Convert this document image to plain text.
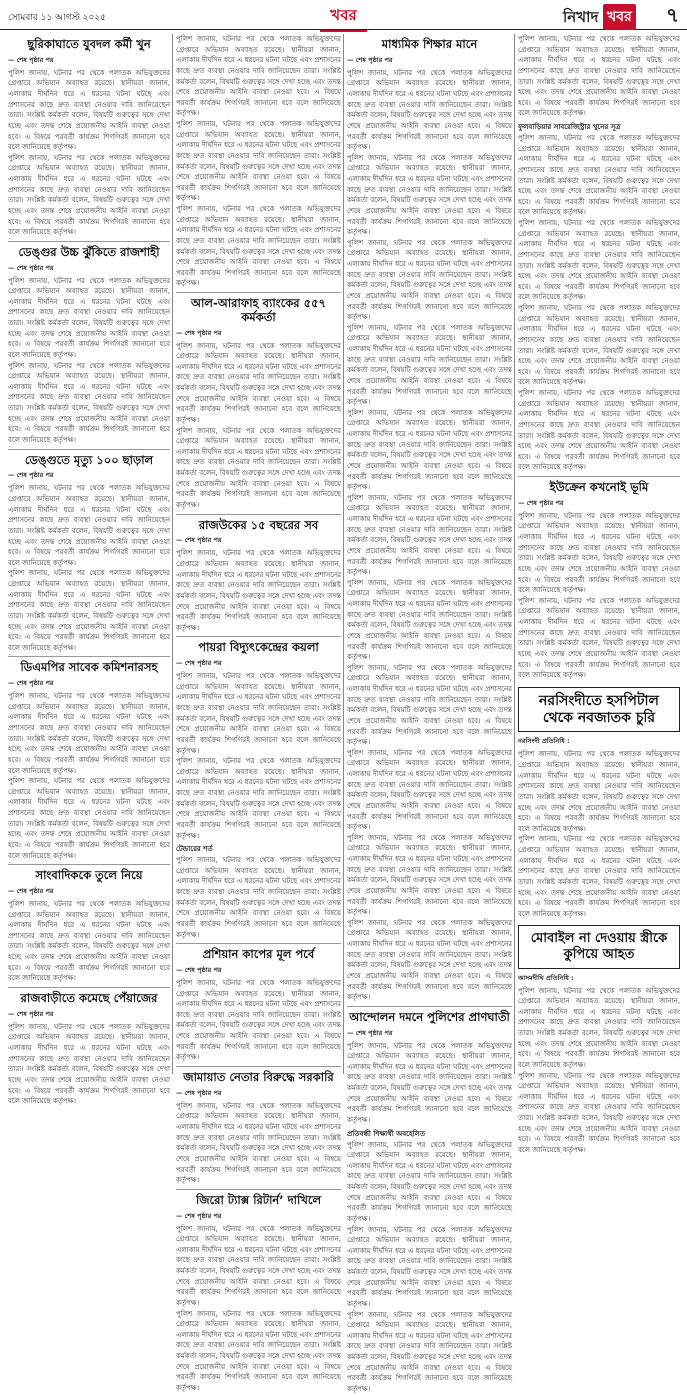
সোমবার ১১ আগস্ট ২০২৫	খবর	নিখাদ খবর ৭
ছুরিকাঘাতে যুবদল কর্মী খুন
— শেষ পৃষ্ঠার পর
পুলিশ জানায়, ঘটনার পর থেকে পলাতক অভিযুক্তদের গ্রেপ্তারে অভিযান অব্যাহত রয়েছে। স্থানীয়রা জানান, এলাকায় দীর্ঘদিন ধরে এ ধরনের ঘটনা ঘটছে এবং প্রশাসনের কাছে দ্রুত ব্যবস্থা নেওয়ার দাবি জানিয়েছেন তারা। সংশ্লিষ্ট কর্মকর্তা বলেন, বিষয়টি গুরুত্বের সঙ্গে দেখা হচ্ছে এবং তদন্ত শেষে প্রয়োজনীয় আইনি ব্যবস্থা নেওয়া হবে। এ বিষয়ে পরবর্তী কার্যক্রম শিগগিরই জানানো হবে বলে জানিয়েছে কর্তৃপক্ষ।
পুলিশ জানায়, ঘটনার পর থেকে পলাতক অভিযুক্তদের গ্রেপ্তারে অভিযান অব্যাহত রয়েছে। স্থানীয়রা জানান, এলাকায় দীর্ঘদিন ধরে এ ধরনের ঘটনা ঘটছে এবং প্রশাসনের কাছে দ্রুত ব্যবস্থা নেওয়ার দাবি জানিয়েছেন তারা। সংশ্লিষ্ট কর্মকর্তা বলেন, বিষয়টি গুরুত্বের সঙ্গে দেখা হচ্ছে এবং তদন্ত শেষে প্রয়োজনীয় আইনি ব্যবস্থা নেওয়া হবে। এ বিষয়ে পরবর্তী কার্যক্রম শিগগিরই জানানো হবে বলে জানিয়েছে কর্তৃপক্ষ।
ডেঙ্গুর উচ্চ ঝুঁকিতে রাজশাহী
— শেষ পৃষ্ঠার পর
পুলিশ জানায়, ঘটনার পর থেকে পলাতক অভিযুক্তদের গ্রেপ্তারে অভিযান অব্যাহত রয়েছে। স্থানীয়রা জানান, এলাকায় দীর্ঘদিন ধরে এ ধরনের ঘটনা ঘটছে এবং প্রশাসনের কাছে দ্রুত ব্যবস্থা নেওয়ার দাবি জানিয়েছেন তারা। সংশ্লিষ্ট কর্মকর্তা বলেন, বিষয়টি গুরুত্বের সঙ্গে দেখা হচ্ছে এবং তদন্ত শেষে প্রয়োজনীয় আইনি ব্যবস্থা নেওয়া হবে। এ বিষয়ে পরবর্তী কার্যক্রম শিগগিরই জানানো হবে বলে জানিয়েছে কর্তৃপক্ষ।
পুলিশ জানায়, ঘটনার পর থেকে পলাতক অভিযুক্তদের গ্রেপ্তারে অভিযান অব্যাহত রয়েছে। স্থানীয়রা জানান, এলাকায় দীর্ঘদিন ধরে এ ধরনের ঘটনা ঘটছে এবং প্রশাসনের কাছে দ্রুত ব্যবস্থা নেওয়ার দাবি জানিয়েছেন তারা। সংশ্লিষ্ট কর্মকর্তা বলেন, বিষয়টি গুরুত্বের সঙ্গে দেখা হচ্ছে এবং তদন্ত শেষে প্রয়োজনীয় আইনি ব্যবস্থা নেওয়া হবে। এ বিষয়ে পরবর্তী কার্যক্রম শিগগিরই জানানো হবে বলে জানিয়েছে কর্তৃপক্ষ।
ডেঙ্গুতে মৃত্যু ১০০ ছাড়াল
— শেষ পৃষ্ঠার পর
পুলিশ জানায়, ঘটনার পর থেকে পলাতক অভিযুক্তদের গ্রেপ্তারে অভিযান অব্যাহত রয়েছে। স্থানীয়রা জানান, এলাকায় দীর্ঘদিন ধরে এ ধরনের ঘটনা ঘটছে এবং প্রশাসনের কাছে দ্রুত ব্যবস্থা নেওয়ার দাবি জানিয়েছেন তারা। সংশ্লিষ্ট কর্মকর্তা বলেন, বিষয়টি গুরুত্বের সঙ্গে দেখা হচ্ছে এবং তদন্ত শেষে প্রয়োজনীয় আইনি ব্যবস্থা নেওয়া হবে। এ বিষয়ে পরবর্তী কার্যক্রম শিগগিরই জানানো হবে বলে জানিয়েছে কর্তৃপক্ষ।
পুলিশ জানায়, ঘটনার পর থেকে পলাতক অভিযুক্তদের গ্রেপ্তারে অভিযান অব্যাহত রয়েছে। স্থানীয়রা জানান, এলাকায় দীর্ঘদিন ধরে এ ধরনের ঘটনা ঘটছে এবং প্রশাসনের কাছে দ্রুত ব্যবস্থা নেওয়ার দাবি জানিয়েছেন তারা। সংশ্লিষ্ট কর্মকর্তা বলেন, বিষয়টি গুরুত্বের সঙ্গে দেখা হচ্ছে এবং তদন্ত শেষে প্রয়োজনীয় আইনি ব্যবস্থা নেওয়া হবে। এ বিষয়ে পরবর্তী কার্যক্রম শিগগিরই জানানো হবে বলে জানিয়েছে কর্তৃপক্ষ।
ডিএমপির সাবেক কমিশনারসহ
— শেষ পৃষ্ঠার পর
পুলিশ জানায়, ঘটনার পর থেকে পলাতক অভিযুক্তদের গ্রেপ্তারে অভিযান অব্যাহত রয়েছে। স্থানীয়রা জানান, এলাকায় দীর্ঘদিন ধরে এ ধরনের ঘটনা ঘটছে এবং প্রশাসনের কাছে দ্রুত ব্যবস্থা নেওয়ার দাবি জানিয়েছেন তারা। সংশ্লিষ্ট কর্মকর্তা বলেন, বিষয়টি গুরুত্বের সঙ্গে দেখা হচ্ছে এবং তদন্ত শেষে প্রয়োজনীয় আইনি ব্যবস্থা নেওয়া হবে। এ বিষয়ে পরবর্তী কার্যক্রম শিগগিরই জানানো হবে বলে জানিয়েছে কর্তৃপক্ষ।
পুলিশ জানায়, ঘটনার পর থেকে পলাতক অভিযুক্তদের গ্রেপ্তারে অভিযান অব্যাহত রয়েছে। স্থানীয়রা জানান, এলাকায় দীর্ঘদিন ধরে এ ধরনের ঘটনা ঘটছে এবং প্রশাসনের কাছে দ্রুত ব্যবস্থা নেওয়ার দাবি জানিয়েছেন তারা। সংশ্লিষ্ট কর্মকর্তা বলেন, বিষয়টি গুরুত্বের সঙ্গে দেখা হচ্ছে এবং তদন্ত শেষে প্রয়োজনীয় আইনি ব্যবস্থা নেওয়া হবে। এ বিষয়ে পরবর্তী কার্যক্রম শিগগিরই জানানো হবে বলে জানিয়েছে কর্তৃপক্ষ।
সাংবাদিককে তুলে নিয়ে
— শেষ পৃষ্ঠার পর
পুলিশ জানায়, ঘটনার পর থেকে পলাতক অভিযুক্তদের গ্রেপ্তারে অভিযান অব্যাহত রয়েছে। স্থানীয়রা জানান, এলাকায় দীর্ঘদিন ধরে এ ধরনের ঘটনা ঘটছে এবং প্রশাসনের কাছে দ্রুত ব্যবস্থা নেওয়ার দাবি জানিয়েছেন তারা। সংশ্লিষ্ট কর্মকর্তা বলেন, বিষয়টি গুরুত্বের সঙ্গে দেখা হচ্ছে এবং তদন্ত শেষে প্রয়োজনীয় আইনি ব্যবস্থা নেওয়া হবে। এ বিষয়ে পরবর্তী কার্যক্রম শিগগিরই জানানো হবে বলে জানিয়েছে কর্তৃপক্ষ।
রাজবাড়ীতে কমেছে পেঁয়াজের
— শেষ পৃষ্ঠার পর
পুলিশ জানায়, ঘটনার পর থেকে পলাতক অভিযুক্তদের গ্রেপ্তারে অভিযান অব্যাহত রয়েছে। স্থানীয়রা জানান, এলাকায় দীর্ঘদিন ধরে এ ধরনের ঘটনা ঘটছে এবং প্রশাসনের কাছে দ্রুত ব্যবস্থা নেওয়ার দাবি জানিয়েছেন তারা। সংশ্লিষ্ট কর্মকর্তা বলেন, বিষয়টি গুরুত্বের সঙ্গে দেখা হচ্ছে এবং তদন্ত শেষে প্রয়োজনীয় আইনি ব্যবস্থা নেওয়া হবে। এ বিষয়ে পরবর্তী কার্যক্রম শিগগিরই জানানো হবে বলে জানিয়েছে কর্তৃপক্ষ।
পুলিশ জানায়, ঘটনার পর থেকে পলাতক অভিযুক্তদের গ্রেপ্তারে অভিযান অব্যাহত রয়েছে। স্থানীয়রা জানান, এলাকায় দীর্ঘদিন ধরে এ ধরনের ঘটনা ঘটছে এবং প্রশাসনের কাছে দ্রুত ব্যবস্থা নেওয়ার দাবি জানিয়েছেন তারা। সংশ্লিষ্ট কর্মকর্তা বলেন, বিষয়টি গুরুত্বের সঙ্গে দেখা হচ্ছে এবং তদন্ত শেষে প্রয়োজনীয় আইনি ব্যবস্থা নেওয়া হবে। এ বিষয়ে পরবর্তী কার্যক্রম শিগগিরই জানানো হবে বলে জানিয়েছে কর্তৃপক্ষ।
পুলিশ জানায়, ঘটনার পর থেকে পলাতক অভিযুক্তদের গ্রেপ্তারে অভিযান অব্যাহত রয়েছে। স্থানীয়রা জানান, এলাকায় দীর্ঘদিন ধরে এ ধরনের ঘটনা ঘটছে এবং প্রশাসনের কাছে দ্রুত ব্যবস্থা নেওয়ার দাবি জানিয়েছেন তারা। সংশ্লিষ্ট কর্মকর্তা বলেন, বিষয়টি গুরুত্বের সঙ্গে দেখা হচ্ছে এবং তদন্ত শেষে প্রয়োজনীয় আইনি ব্যবস্থা নেওয়া হবে। এ বিষয়ে পরবর্তী কার্যক্রম শিগগিরই জানানো হবে বলে জানিয়েছে কর্তৃপক্ষ।
পুলিশ জানায়, ঘটনার পর থেকে পলাতক অভিযুক্তদের গ্রেপ্তারে অভিযান অব্যাহত রয়েছে। স্থানীয়রা জানান, এলাকায় দীর্ঘদিন ধরে এ ধরনের ঘটনা ঘটছে এবং প্রশাসনের কাছে দ্রুত ব্যবস্থা নেওয়ার দাবি জানিয়েছেন তারা। সংশ্লিষ্ট কর্মকর্তা বলেন, বিষয়টি গুরুত্বের সঙ্গে দেখা হচ্ছে এবং তদন্ত শেষে প্রয়োজনীয় আইনি ব্যবস্থা নেওয়া হবে। এ বিষয়ে পরবর্তী কার্যক্রম শিগগিরই জানানো হবে বলে জানিয়েছে কর্তৃপক্ষ।
আল-আরাফাহ ব্যাংকের ৫৫৭ কর্মকর্তা
— শেষ পৃষ্ঠার পর
পুলিশ জানায়, ঘটনার পর থেকে পলাতক অভিযুক্তদের গ্রেপ্তারে অভিযান অব্যাহত রয়েছে। স্থানীয়রা জানান, এলাকায় দীর্ঘদিন ধরে এ ধরনের ঘটনা ঘটছে এবং প্রশাসনের কাছে দ্রুত ব্যবস্থা নেওয়ার দাবি জানিয়েছেন তারা। সংশ্লিষ্ট কর্মকর্তা বলেন, বিষয়টি গুরুত্বের সঙ্গে দেখা হচ্ছে এবং তদন্ত শেষে প্রয়োজনীয় আইনি ব্যবস্থা নেওয়া হবে। এ বিষয়ে পরবর্তী কার্যক্রম শিগগিরই জানানো হবে বলে জানিয়েছে কর্তৃপক্ষ।
পুলিশ জানায়, ঘটনার পর থেকে পলাতক অভিযুক্তদের গ্রেপ্তারে অভিযান অব্যাহত রয়েছে। স্থানীয়রা জানান, এলাকায় দীর্ঘদিন ধরে এ ধরনের ঘটনা ঘটছে এবং প্রশাসনের কাছে দ্রুত ব্যবস্থা নেওয়ার দাবি জানিয়েছেন তারা। সংশ্লিষ্ট কর্মকর্তা বলেন, বিষয়টি গুরুত্বের সঙ্গে দেখা হচ্ছে এবং তদন্ত শেষে প্রয়োজনীয় আইনি ব্যবস্থা নেওয়া হবে। এ বিষয়ে পরবর্তী কার্যক্রম শিগগিরই জানানো হবে বলে জানিয়েছে কর্তৃপক্ষ।
রাজউকের ১৫ বছরের সব
— শেষ পৃষ্ঠার পর
পুলিশ জানায়, ঘটনার পর থেকে পলাতক অভিযুক্তদের গ্রেপ্তারে অভিযান অব্যাহত রয়েছে। স্থানীয়রা জানান, এলাকায় দীর্ঘদিন ধরে এ ধরনের ঘটনা ঘটছে এবং প্রশাসনের কাছে দ্রুত ব্যবস্থা নেওয়ার দাবি জানিয়েছেন তারা। সংশ্লিষ্ট কর্মকর্তা বলেন, বিষয়টি গুরুত্বের সঙ্গে দেখা হচ্ছে এবং তদন্ত শেষে প্রয়োজনীয় আইনি ব্যবস্থা নেওয়া হবে। এ বিষয়ে পরবর্তী কার্যক্রম শিগগিরই জানানো হবে বলে জানিয়েছে কর্তৃপক্ষ।
পায়রা বিদ্যুৎকেন্দ্রের কয়লা
— শেষ পৃষ্ঠার পর
পুলিশ জানায়, ঘটনার পর থেকে পলাতক অভিযুক্তদের গ্রেপ্তারে অভিযান অব্যাহত রয়েছে। স্থানীয়রা জানান, এলাকায় দীর্ঘদিন ধরে এ ধরনের ঘটনা ঘটছে এবং প্রশাসনের কাছে দ্রুত ব্যবস্থা নেওয়ার দাবি জানিয়েছেন তারা। সংশ্লিষ্ট কর্মকর্তা বলেন, বিষয়টি গুরুত্বের সঙ্গে দেখা হচ্ছে এবং তদন্ত শেষে প্রয়োজনীয় আইনি ব্যবস্থা নেওয়া হবে। এ বিষয়ে পরবর্তী কার্যক্রম শিগগিরই জানানো হবে বলে জানিয়েছে কর্তৃপক্ষ।
পুলিশ জানায়, ঘটনার পর থেকে পলাতক অভিযুক্তদের গ্রেপ্তারে অভিযান অব্যাহত রয়েছে। স্থানীয়রা জানান, এলাকায় দীর্ঘদিন ধরে এ ধরনের ঘটনা ঘটছে এবং প্রশাসনের কাছে দ্রুত ব্যবস্থা নেওয়ার দাবি জানিয়েছেন তারা। সংশ্লিষ্ট কর্মকর্তা বলেন, বিষয়টি গুরুত্বের সঙ্গে দেখা হচ্ছে এবং তদন্ত শেষে প্রয়োজনীয় আইনি ব্যবস্থা নেওয়া হবে। এ বিষয়ে পরবর্তী কার্যক্রম শিগগিরই জানানো হবে বলে জানিয়েছে কর্তৃপক্ষ।
টেন্ডারের শর্ত
পুলিশ জানায়, ঘটনার পর থেকে পলাতক অভিযুক্তদের গ্রেপ্তারে অভিযান অব্যাহত রয়েছে। স্থানীয়রা জানান, এলাকায় দীর্ঘদিন ধরে এ ধরনের ঘটনা ঘটছে এবং প্রশাসনের কাছে দ্রুত ব্যবস্থা নেওয়ার দাবি জানিয়েছেন তারা। সংশ্লিষ্ট কর্মকর্তা বলেন, বিষয়টি গুরুত্বের সঙ্গে দেখা হচ্ছে এবং তদন্ত শেষে প্রয়োজনীয় আইনি ব্যবস্থা নেওয়া হবে। এ বিষয়ে পরবর্তী কার্যক্রম শিগগিরই জানানো হবে বলে জানিয়েছে কর্তৃপক্ষ।
প্রশিয়ান কাপের মূল পর্বে
— শেষ পৃষ্ঠার পর
পুলিশ জানায়, ঘটনার পর থেকে পলাতক অভিযুক্তদের গ্রেপ্তারে অভিযান অব্যাহত রয়েছে। স্থানীয়রা জানান, এলাকায় দীর্ঘদিন ধরে এ ধরনের ঘটনা ঘটছে এবং প্রশাসনের কাছে দ্রুত ব্যবস্থা নেওয়ার দাবি জানিয়েছেন তারা। সংশ্লিষ্ট কর্মকর্তা বলেন, বিষয়টি গুরুত্বের সঙ্গে দেখা হচ্ছে এবং তদন্ত শেষে প্রয়োজনীয় আইনি ব্যবস্থা নেওয়া হবে। এ বিষয়ে পরবর্তী কার্যক্রম শিগগিরই জানানো হবে বলে জানিয়েছে কর্তৃপক্ষ।
জামায়াত নেতার বিরুদ্ধে সরকারি
— শেষ পৃষ্ঠার পর
পুলিশ জানায়, ঘটনার পর থেকে পলাতক অভিযুক্তদের গ্রেপ্তারে অভিযান অব্যাহত রয়েছে। স্থানীয়রা জানান, এলাকায় দীর্ঘদিন ধরে এ ধরনের ঘটনা ঘটছে এবং প্রশাসনের কাছে দ্রুত ব্যবস্থা নেওয়ার দাবি জানিয়েছেন তারা। সংশ্লিষ্ট কর্মকর্তা বলেন, বিষয়টি গুরুত্বের সঙ্গে দেখা হচ্ছে এবং তদন্ত শেষে প্রয়োজনীয় আইনি ব্যবস্থা নেওয়া হবে। এ বিষয়ে পরবর্তী কার্যক্রম শিগগিরই জানানো হবে বলে জানিয়েছে কর্তৃপক্ষ।
জিরো ট্যাক্স রিটার্ন’ দাখিলে
— শেষ পৃষ্ঠার পর
পুলিশ জানায়, ঘটনার পর থেকে পলাতক অভিযুক্তদের গ্রেপ্তারে অভিযান অব্যাহত রয়েছে। স্থানীয়রা জানান, এলাকায় দীর্ঘদিন ধরে এ ধরনের ঘটনা ঘটছে এবং প্রশাসনের কাছে দ্রুত ব্যবস্থা নেওয়ার দাবি জানিয়েছেন তারা। সংশ্লিষ্ট কর্মকর্তা বলেন, বিষয়টি গুরুত্বের সঙ্গে দেখা হচ্ছে এবং তদন্ত শেষে প্রয়োজনীয় আইনি ব্যবস্থা নেওয়া হবে। এ বিষয়ে পরবর্তী কার্যক্রম শিগগিরই জানানো হবে বলে জানিয়েছে কর্তৃপক্ষ।
পুলিশ জানায়, ঘটনার পর থেকে পলাতক অভিযুক্তদের গ্রেপ্তারে অভিযান অব্যাহত রয়েছে। স্থানীয়রা জানান, এলাকায় দীর্ঘদিন ধরে এ ধরনের ঘটনা ঘটছে এবং প্রশাসনের কাছে দ্রুত ব্যবস্থা নেওয়ার দাবি জানিয়েছেন তারা। সংশ্লিষ্ট কর্মকর্তা বলেন, বিষয়টি গুরুত্বের সঙ্গে দেখা হচ্ছে এবং তদন্ত শেষে প্রয়োজনীয় আইনি ব্যবস্থা নেওয়া হবে। এ বিষয়ে পরবর্তী কার্যক্রম শিগগিরই জানানো হবে বলে জানিয়েছে কর্তৃপক্ষ।
মাধ্যমিক শিক্ষার মানে
— শেষ পৃষ্ঠার পর
পুলিশ জানায়, ঘটনার পর থেকে পলাতক অভিযুক্তদের গ্রেপ্তারে অভিযান অব্যাহত রয়েছে। স্থানীয়রা জানান, এলাকায় দীর্ঘদিন ধরে এ ধরনের ঘটনা ঘটছে এবং প্রশাসনের কাছে দ্রুত ব্যবস্থা নেওয়ার দাবি জানিয়েছেন তারা। সংশ্লিষ্ট কর্মকর্তা বলেন, বিষয়টি গুরুত্বের সঙ্গে দেখা হচ্ছে এবং তদন্ত শেষে প্রয়োজনীয় আইনি ব্যবস্থা নেওয়া হবে। এ বিষয়ে পরবর্তী কার্যক্রম শিগগিরই জানানো হবে বলে জানিয়েছে কর্তৃপক্ষ।
পুলিশ জানায়, ঘটনার পর থেকে পলাতক অভিযুক্তদের গ্রেপ্তারে অভিযান অব্যাহত রয়েছে। স্থানীয়রা জানান, এলাকায় দীর্ঘদিন ধরে এ ধরনের ঘটনা ঘটছে এবং প্রশাসনের কাছে দ্রুত ব্যবস্থা নেওয়ার দাবি জানিয়েছেন তারা। সংশ্লিষ্ট কর্মকর্তা বলেন, বিষয়টি গুরুত্বের সঙ্গে দেখা হচ্ছে এবং তদন্ত শেষে প্রয়োজনীয় আইনি ব্যবস্থা নেওয়া হবে। এ বিষয়ে পরবর্তী কার্যক্রম শিগগিরই জানানো হবে বলে জানিয়েছে কর্তৃপক্ষ।
পুলিশ জানায়, ঘটনার পর থেকে পলাতক অভিযুক্তদের গ্রেপ্তারে অভিযান অব্যাহত রয়েছে। স্থানীয়রা জানান, এলাকায় দীর্ঘদিন ধরে এ ধরনের ঘটনা ঘটছে এবং প্রশাসনের কাছে দ্রুত ব্যবস্থা নেওয়ার দাবি জানিয়েছেন তারা। সংশ্লিষ্ট কর্মকর্তা বলেন, বিষয়টি গুরুত্বের সঙ্গে দেখা হচ্ছে এবং তদন্ত শেষে প্রয়োজনীয় আইনি ব্যবস্থা নেওয়া হবে। এ বিষয়ে পরবর্তী কার্যক্রম শিগগিরই জানানো হবে বলে জানিয়েছে কর্তৃপক্ষ।
পুলিশ জানায়, ঘটনার পর থেকে পলাতক অভিযুক্তদের গ্রেপ্তারে অভিযান অব্যাহত রয়েছে। স্থানীয়রা জানান, এলাকায় দীর্ঘদিন ধরে এ ধরনের ঘটনা ঘটছে এবং প্রশাসনের কাছে দ্রুত ব্যবস্থা নেওয়ার দাবি জানিয়েছেন তারা। সংশ্লিষ্ট কর্মকর্তা বলেন, বিষয়টি গুরুত্বের সঙ্গে দেখা হচ্ছে এবং তদন্ত শেষে প্রয়োজনীয় আইনি ব্যবস্থা নেওয়া হবে। এ বিষয়ে পরবর্তী কার্যক্রম শিগগিরই জানানো হবে বলে জানিয়েছে কর্তৃপক্ষ।
পুলিশ জানায়, ঘটনার পর থেকে পলাতক অভিযুক্তদের গ্রেপ্তারে অভিযান অব্যাহত রয়েছে। স্থানীয়রা জানান, এলাকায় দীর্ঘদিন ধরে এ ধরনের ঘটনা ঘটছে এবং প্রশাসনের কাছে দ্রুত ব্যবস্থা নেওয়ার দাবি জানিয়েছেন তারা। সংশ্লিষ্ট কর্মকর্তা বলেন, বিষয়টি গুরুত্বের সঙ্গে দেখা হচ্ছে এবং তদন্ত শেষে প্রয়োজনীয় আইনি ব্যবস্থা নেওয়া হবে। এ বিষয়ে পরবর্তী কার্যক্রম শিগগিরই জানানো হবে বলে জানিয়েছে কর্তৃপক্ষ।
পুলিশ জানায়, ঘটনার পর থেকে পলাতক অভিযুক্তদের গ্রেপ্তারে অভিযান অব্যাহত রয়েছে। স্থানীয়রা জানান, এলাকায় দীর্ঘদিন ধরে এ ধরনের ঘটনা ঘটছে এবং প্রশাসনের কাছে দ্রুত ব্যবস্থা নেওয়ার দাবি জানিয়েছেন তারা। সংশ্লিষ্ট কর্মকর্তা বলেন, বিষয়টি গুরুত্বের সঙ্গে দেখা হচ্ছে এবং তদন্ত শেষে প্রয়োজনীয় আইনি ব্যবস্থা নেওয়া হবে। এ বিষয়ে পরবর্তী কার্যক্রম শিগগিরই জানানো হবে বলে জানিয়েছে কর্তৃপক্ষ।
পুলিশ জানায়, ঘটনার পর থেকে পলাতক অভিযুক্তদের গ্রেপ্তারে অভিযান অব্যাহত রয়েছে। স্থানীয়রা জানান, এলাকায় দীর্ঘদিন ধরে এ ধরনের ঘটনা ঘটছে এবং প্রশাসনের কাছে দ্রুত ব্যবস্থা নেওয়ার দাবি জানিয়েছেন তারা। সংশ্লিষ্ট কর্মকর্তা বলেন, বিষয়টি গুরুত্বের সঙ্গে দেখা হচ্ছে এবং তদন্ত শেষে প্রয়োজনীয় আইনি ব্যবস্থা নেওয়া হবে। এ বিষয়ে পরবর্তী কার্যক্রম শিগগিরই জানানো হবে বলে জানিয়েছে কর্তৃপক্ষ।
পুলিশ জানায়, ঘটনার পর থেকে পলাতক অভিযুক্তদের গ্রেপ্তারে অভিযান অব্যাহত রয়েছে। স্থানীয়রা জানান, এলাকায় দীর্ঘদিন ধরে এ ধরনের ঘটনা ঘটছে এবং প্রশাসনের কাছে দ্রুত ব্যবস্থা নেওয়ার দাবি জানিয়েছেন তারা। সংশ্লিষ্ট কর্মকর্তা বলেন, বিষয়টি গুরুত্বের সঙ্গে দেখা হচ্ছে এবং তদন্ত শেষে প্রয়োজনীয় আইনি ব্যবস্থা নেওয়া হবে। এ বিষয়ে পরবর্তী কার্যক্রম শিগগিরই জানানো হবে বলে জানিয়েছে কর্তৃপক্ষ।
পুলিশ জানায়, ঘটনার পর থেকে পলাতক অভিযুক্তদের গ্রেপ্তারে অভিযান অব্যাহত রয়েছে। স্থানীয়রা জানান, এলাকায় দীর্ঘদিন ধরে এ ধরনের ঘটনা ঘটছে এবং প্রশাসনের কাছে দ্রুত ব্যবস্থা নেওয়ার দাবি জানিয়েছেন তারা। সংশ্লিষ্ট কর্মকর্তা বলেন, বিষয়টি গুরুত্বের সঙ্গে দেখা হচ্ছে এবং তদন্ত শেষে প্রয়োজনীয় আইনি ব্যবস্থা নেওয়া হবে। এ বিষয়ে পরবর্তী কার্যক্রম শিগগিরই জানানো হবে বলে জানিয়েছে কর্তৃপক্ষ।
পুলিশ জানায়, ঘটনার পর থেকে পলাতক অভিযুক্তদের গ্রেপ্তারে অভিযান অব্যাহত রয়েছে। স্থানীয়রা জানান, এলাকায় দীর্ঘদিন ধরে এ ধরনের ঘটনা ঘটছে এবং প্রশাসনের কাছে দ্রুত ব্যবস্থা নেওয়ার দাবি জানিয়েছেন তারা। সংশ্লিষ্ট কর্মকর্তা বলেন, বিষয়টি গুরুত্বের সঙ্গে দেখা হচ্ছে এবং তদন্ত শেষে প্রয়োজনীয় আইনি ব্যবস্থা নেওয়া হবে। এ বিষয়ে পরবর্তী কার্যক্রম শিগগিরই জানানো হবে বলে জানিয়েছে কর্তৃপক্ষ।
পুলিশ জানায়, ঘটনার পর থেকে পলাতক অভিযুক্তদের গ্রেপ্তারে অভিযান অব্যাহত রয়েছে। স্থানীয়রা জানান, এলাকায় দীর্ঘদিন ধরে এ ধরনের ঘটনা ঘটছে এবং প্রশাসনের কাছে দ্রুত ব্যবস্থা নেওয়ার দাবি জানিয়েছেন তারা। সংশ্লিষ্ট কর্মকর্তা বলেন, বিষয়টি গুরুত্বের সঙ্গে দেখা হচ্ছে এবং তদন্ত শেষে প্রয়োজনীয় আইনি ব্যবস্থা নেওয়া হবে। এ বিষয়ে পরবর্তী কার্যক্রম শিগগিরই জানানো হবে বলে জানিয়েছে কর্তৃপক্ষ।
আন্দোলন দমনে পুলিশের প্রাণঘাতী
— শেষ পৃষ্ঠার পর
পুলিশ জানায়, ঘটনার পর থেকে পলাতক অভিযুক্তদের গ্রেপ্তারে অভিযান অব্যাহত রয়েছে। স্থানীয়রা জানান, এলাকায় দীর্ঘদিন ধরে এ ধরনের ঘটনা ঘটছে এবং প্রশাসনের কাছে দ্রুত ব্যবস্থা নেওয়ার দাবি জানিয়েছেন তারা। সংশ্লিষ্ট কর্মকর্তা বলেন, বিষয়টি গুরুত্বের সঙ্গে দেখা হচ্ছে এবং তদন্ত শেষে প্রয়োজনীয় আইনি ব্যবস্থা নেওয়া হবে। এ বিষয়ে পরবর্তী কার্যক্রম শিগগিরই জানানো হবে বলে জানিয়েছে কর্তৃপক্ষ।
প্রতিবন্ধী শিক্ষার্থী অবহেলিত
পুলিশ জানায়, ঘটনার পর থেকে পলাতক অভিযুক্তদের গ্রেপ্তারে অভিযান অব্যাহত রয়েছে। স্থানীয়রা জানান, এলাকায় দীর্ঘদিন ধরে এ ধরনের ঘটনা ঘটছে এবং প্রশাসনের কাছে দ্রুত ব্যবস্থা নেওয়ার দাবি জানিয়েছেন তারা। সংশ্লিষ্ট কর্মকর্তা বলেন, বিষয়টি গুরুত্বের সঙ্গে দেখা হচ্ছে এবং তদন্ত শেষে প্রয়োজনীয় আইনি ব্যবস্থা নেওয়া হবে। এ বিষয়ে পরবর্তী কার্যক্রম শিগগিরই জানানো হবে বলে জানিয়েছে কর্তৃপক্ষ।
পুলিশ জানায়, ঘটনার পর থেকে পলাতক অভিযুক্তদের গ্রেপ্তারে অভিযান অব্যাহত রয়েছে। স্থানীয়রা জানান, এলাকায় দীর্ঘদিন ধরে এ ধরনের ঘটনা ঘটছে এবং প্রশাসনের কাছে দ্রুত ব্যবস্থা নেওয়ার দাবি জানিয়েছেন তারা। সংশ্লিষ্ট কর্মকর্তা বলেন, বিষয়টি গুরুত্বের সঙ্গে দেখা হচ্ছে এবং তদন্ত শেষে প্রয়োজনীয় আইনি ব্যবস্থা নেওয়া হবে। এ বিষয়ে পরবর্তী কার্যক্রম শিগগিরই জানানো হবে বলে জানিয়েছে কর্তৃপক্ষ।
পুলিশ জানায়, ঘটনার পর থেকে পলাতক অভিযুক্তদের গ্রেপ্তারে অভিযান অব্যাহত রয়েছে। স্থানীয়রা জানান, এলাকায় দীর্ঘদিন ধরে এ ধরনের ঘটনা ঘটছে এবং প্রশাসনের কাছে দ্রুত ব্যবস্থা নেওয়ার দাবি জানিয়েছেন তারা। সংশ্লিষ্ট কর্মকর্তা বলেন, বিষয়টি গুরুত্বের সঙ্গে দেখা হচ্ছে এবং তদন্ত শেষে প্রয়োজনীয় আইনি ব্যবস্থা নেওয়া হবে। এ বিষয়ে পরবর্তী কার্যক্রম শিগগিরই জানানো হবে বলে জানিয়েছে কর্তৃপক্ষ।
পুলিশ জানায়, ঘটনার পর থেকে পলাতক অভিযুক্তদের গ্রেপ্তারে অভিযান অব্যাহত রয়েছে। স্থানীয়রা জানান, এলাকায় দীর্ঘদিন ধরে এ ধরনের ঘটনা ঘটছে এবং প্রশাসনের কাছে দ্রুত ব্যবস্থা নেওয়ার দাবি জানিয়েছেন তারা। সংশ্লিষ্ট কর্মকর্তা বলেন, বিষয়টি গুরুত্বের সঙ্গে দেখা হচ্ছে এবং তদন্ত শেষে প্রয়োজনীয় আইনি ব্যবস্থা নেওয়া হবে। এ বিষয়ে পরবর্তী কার্যক্রম শিগগিরই জানানো হবে বলে জানিয়েছে কর্তৃপক্ষ।
ফুলবাড়িয়ার সাবরেজিস্ট্রার খুনের সূত্র
পুলিশ জানায়, ঘটনার পর থেকে পলাতক অভিযুক্তদের গ্রেপ্তারে অভিযান অব্যাহত রয়েছে। স্থানীয়রা জানান, এলাকায় দীর্ঘদিন ধরে এ ধরনের ঘটনা ঘটছে এবং প্রশাসনের কাছে দ্রুত ব্যবস্থা নেওয়ার দাবি জানিয়েছেন তারা। সংশ্লিষ্ট কর্মকর্তা বলেন, বিষয়টি গুরুত্বের সঙ্গে দেখা হচ্ছে এবং তদন্ত শেষে প্রয়োজনীয় আইনি ব্যবস্থা নেওয়া হবে। এ বিষয়ে পরবর্তী কার্যক্রম শিগগিরই জানানো হবে বলে জানিয়েছে কর্তৃপক্ষ।
পুলিশ জানায়, ঘটনার পর থেকে পলাতক অভিযুক্তদের গ্রেপ্তারে অভিযান অব্যাহত রয়েছে। স্থানীয়রা জানান, এলাকায় দীর্ঘদিন ধরে এ ধরনের ঘটনা ঘটছে এবং প্রশাসনের কাছে দ্রুত ব্যবস্থা নেওয়ার দাবি জানিয়েছেন তারা। সংশ্লিষ্ট কর্মকর্তা বলেন, বিষয়টি গুরুত্বের সঙ্গে দেখা হচ্ছে এবং তদন্ত শেষে প্রয়োজনীয় আইনি ব্যবস্থা নেওয়া হবে। এ বিষয়ে পরবর্তী কার্যক্রম শিগগিরই জানানো হবে বলে জানিয়েছে কর্তৃপক্ষ।
পুলিশ জানায়, ঘটনার পর থেকে পলাতক অভিযুক্তদের গ্রেপ্তারে অভিযান অব্যাহত রয়েছে। স্থানীয়রা জানান, এলাকায় দীর্ঘদিন ধরে এ ধরনের ঘটনা ঘটছে এবং প্রশাসনের কাছে দ্রুত ব্যবস্থা নেওয়ার দাবি জানিয়েছেন তারা। সংশ্লিষ্ট কর্মকর্তা বলেন, বিষয়টি গুরুত্বের সঙ্গে দেখা হচ্ছে এবং তদন্ত শেষে প্রয়োজনীয় আইনি ব্যবস্থা নেওয়া হবে। এ বিষয়ে পরবর্তী কার্যক্রম শিগগিরই জানানো হবে বলে জানিয়েছে কর্তৃপক্ষ।
পুলিশ জানায়, ঘটনার পর থেকে পলাতক অভিযুক্তদের গ্রেপ্তারে অভিযান অব্যাহত রয়েছে। স্থানীয়রা জানান, এলাকায় দীর্ঘদিন ধরে এ ধরনের ঘটনা ঘটছে এবং প্রশাসনের কাছে দ্রুত ব্যবস্থা নেওয়ার দাবি জানিয়েছেন তারা। সংশ্লিষ্ট কর্মকর্তা বলেন, বিষয়টি গুরুত্বের সঙ্গে দেখা হচ্ছে এবং তদন্ত শেষে প্রয়োজনীয় আইনি ব্যবস্থা নেওয়া হবে। এ বিষয়ে পরবর্তী কার্যক্রম শিগগিরই জানানো হবে বলে জানিয়েছে কর্তৃপক্ষ।
ইউক্রেন কখনোই ভূমি
— শেষ পৃষ্ঠার পর
পুলিশ জানায়, ঘটনার পর থেকে পলাতক অভিযুক্তদের গ্রেপ্তারে অভিযান অব্যাহত রয়েছে। স্থানীয়রা জানান, এলাকায় দীর্ঘদিন ধরে এ ধরনের ঘটনা ঘটছে এবং প্রশাসনের কাছে দ্রুত ব্যবস্থা নেওয়ার দাবি জানিয়েছেন তারা। সংশ্লিষ্ট কর্মকর্তা বলেন, বিষয়টি গুরুত্বের সঙ্গে দেখা হচ্ছে এবং তদন্ত শেষে প্রয়োজনীয় আইনি ব্যবস্থা নেওয়া হবে। এ বিষয়ে পরবর্তী কার্যক্রম শিগগিরই জানানো হবে বলে জানিয়েছে কর্তৃপক্ষ।
পুলিশ জানায়, ঘটনার পর থেকে পলাতক অভিযুক্তদের গ্রেপ্তারে অভিযান অব্যাহত রয়েছে। স্থানীয়রা জানান, এলাকায় দীর্ঘদিন ধরে এ ধরনের ঘটনা ঘটছে এবং প্রশাসনের কাছে দ্রুত ব্যবস্থা নেওয়ার দাবি জানিয়েছেন তারা। সংশ্লিষ্ট কর্মকর্তা বলেন, বিষয়টি গুরুত্বের সঙ্গে দেখা হচ্ছে এবং তদন্ত শেষে প্রয়োজনীয় আইনি ব্যবস্থা নেওয়া হবে। এ বিষয়ে পরবর্তী কার্যক্রম শিগগিরই জানানো হবে বলে জানিয়েছে কর্তৃপক্ষ।
নরসিংদীতে হসপিটাল থেকে নবজাতক চুরি
নরসিংদী প্রতিনিধি :
পুলিশ জানায়, ঘটনার পর থেকে পলাতক অভিযুক্তদের গ্রেপ্তারে অভিযান অব্যাহত রয়েছে। স্থানীয়রা জানান, এলাকায় দীর্ঘদিন ধরে এ ধরনের ঘটনা ঘটছে এবং প্রশাসনের কাছে দ্রুত ব্যবস্থা নেওয়ার দাবি জানিয়েছেন তারা। সংশ্লিষ্ট কর্মকর্তা বলেন, বিষয়টি গুরুত্বের সঙ্গে দেখা হচ্ছে এবং তদন্ত শেষে প্রয়োজনীয় আইনি ব্যবস্থা নেওয়া হবে। এ বিষয়ে পরবর্তী কার্যক্রম শিগগিরই জানানো হবে বলে জানিয়েছে কর্তৃপক্ষ।
পুলিশ জানায়, ঘটনার পর থেকে পলাতক অভিযুক্তদের গ্রেপ্তারে অভিযান অব্যাহত রয়েছে। স্থানীয়রা জানান, এলাকায় দীর্ঘদিন ধরে এ ধরনের ঘটনা ঘটছে এবং প্রশাসনের কাছে দ্রুত ব্যবস্থা নেওয়ার দাবি জানিয়েছেন তারা। সংশ্লিষ্ট কর্মকর্তা বলেন, বিষয়টি গুরুত্বের সঙ্গে দেখা হচ্ছে এবং তদন্ত শেষে প্রয়োজনীয় আইনি ব্যবস্থা নেওয়া হবে। এ বিষয়ে পরবর্তী কার্যক্রম শিগগিরই জানানো হবে বলে জানিয়েছে কর্তৃপক্ষ।
মোবাইল না দেওয়ায় স্ত্রীকে কুপিয়ে আহত
আদমদীঘি প্রতিনিধি :
পুলিশ জানায়, ঘটনার পর থেকে পলাতক অভিযুক্তদের গ্রেপ্তারে অভিযান অব্যাহত রয়েছে। স্থানীয়রা জানান, এলাকায় দীর্ঘদিন ধরে এ ধরনের ঘটনা ঘটছে এবং প্রশাসনের কাছে দ্রুত ব্যবস্থা নেওয়ার দাবি জানিয়েছেন তারা। সংশ্লিষ্ট কর্মকর্তা বলেন, বিষয়টি গুরুত্বের সঙ্গে দেখা হচ্ছে এবং তদন্ত শেষে প্রয়োজনীয় আইনি ব্যবস্থা নেওয়া হবে। এ বিষয়ে পরবর্তী কার্যক্রম শিগগিরই জানানো হবে বলে জানিয়েছে কর্তৃপক্ষ।
পুলিশ জানায়, ঘটনার পর থেকে পলাতক অভিযুক্তদের গ্রেপ্তারে অভিযান অব্যাহত রয়েছে। স্থানীয়রা জানান, এলাকায় দীর্ঘদিন ধরে এ ধরনের ঘটনা ঘটছে এবং প্রশাসনের কাছে দ্রুত ব্যবস্থা নেওয়ার দাবি জানিয়েছেন তারা। সংশ্লিষ্ট কর্মকর্তা বলেন, বিষয়টি গুরুত্বের সঙ্গে দেখা হচ্ছে এবং তদন্ত শেষে প্রয়োজনীয় আইনি ব্যবস্থা নেওয়া হবে। এ বিষয়ে পরবর্তী কার্যক্রম শিগগিরই জানানো হবে বলে জানিয়েছে কর্তৃপক্ষ।
